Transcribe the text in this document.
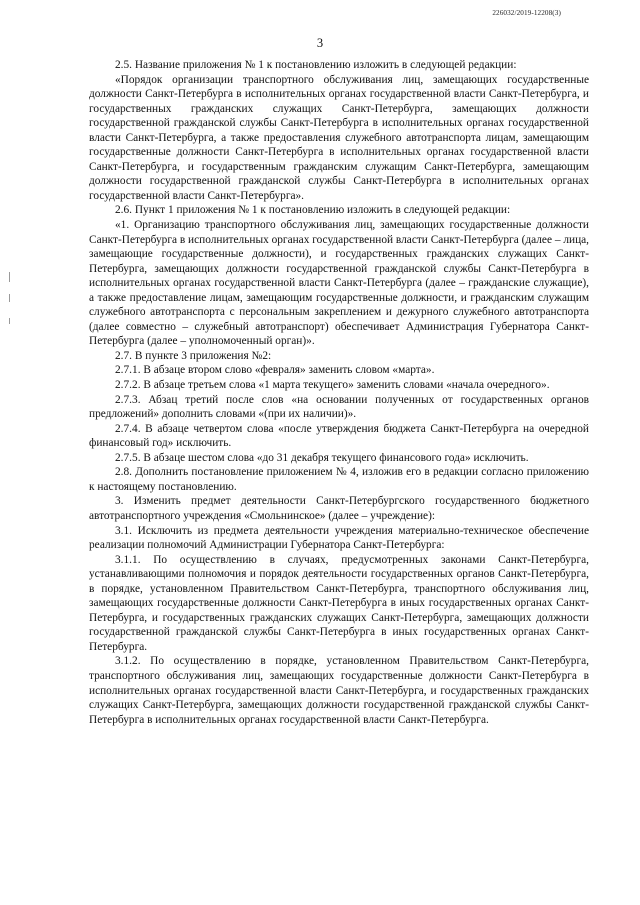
226032/2019-12208(3)
3

2.5. Название приложения № 1 к постановлению изложить в следующей редакции:

«Порядок организации транспортного обслуживания лиц, замещающих государственные должности Санкт-Петербурга в исполнительных органах государственной власти Санкт-Петербурга, и государственных гражданских служащих Санкт-Петербурга, замещающих должности государственной гражданской службы Санкт-Петербурга в исполнительных органах государственной власти Санкт-Петербурга, а также предоставления служебного автотранспорта лицам, замещающим государственные должности Санкт-Петербурга в исполнительных органах государственной власти Санкт-Петербурга, и государственным гражданским служащим Санкт-Петербурга, замещающим должности государственной гражданской службы Санкт-Петербурга в исполнительных органах государственной власти Санкт-Петербурга».

2.6. Пункт 1 приложения № 1 к постановлению изложить в следующей редакции:

«1. Организацию транспортного обслуживания лиц, замещающих государственные должности Санкт-Петербурга в исполнительных органах государственной власти Санкт-Петербурга (далее – лица, замещающие государственные должности), и государственных гражданских служащих Санкт-Петербурга, замещающих должности государственной гражданской службы Санкт-Петербурга в исполнительных органах государственной власти Санкт-Петербурга (далее – гражданские служащие), а также предоставление лицам, замещающим государственные должности, и гражданским служащим служебного автотранспорта с персональным закреплением и дежурного служебного автотранспорта (далее совместно – служебный автотранспорт) обеспечивает Администрация Губернатора Санкт-Петербурга (далее – уполномоченный орган)».

2.7. В пункте 3 приложения №2:

2.7.1. В абзаце втором слово «февраля» заменить словом «марта».

2.7.2. В абзаце третьем слова «1 марта текущего» заменить словами «начала очередного».

2.7.3. Абзац третий после слов «на основании полученных от государственных органов предложений» дополнить словами «(при их наличии)».

2.7.4. В абзаце четвертом слова «после утверждения бюджета Санкт-Петербурга на очередной финансовый год» исключить.

2.7.5. В абзаце шестом слова «до 31 декабря текущего финансового года» исключить.

2.8. Дополнить постановление приложением № 4, изложив его в редакции согласно приложению к настоящему постановлению.

3. Изменить предмет деятельности Санкт-Петербургского государственного бюджетного автотранспортного учреждения «Смольнинское» (далее – учреждение):

3.1. Исключить из предмета деятельности учреждения материально-техническое обеспечение реализации полномочий Администрации Губернатора Санкт-Петербурга:

3.1.1. По осуществлению в случаях, предусмотренных законами Санкт-Петербурга, устанавливающими полномочия и порядок деятельности государственных органов Санкт-Петербурга, в порядке, установленном Правительством Санкт-Петербурга, транспортного обслуживания лиц, замещающих государственные должности Санкт-Петербурга в иных государственных органах Санкт-Петербурга, и государственных гражданских служащих Санкт-Петербурга, замещающих должности государственной гражданской службы Санкт-Петербурга в иных государственных органах Санкт-Петербурга.

3.1.2. По осуществлению в порядке, установленном Правительством Санкт-Петербурга, транспортного обслуживания лиц, замещающих государственные должности Санкт-Петербурга в исполнительных органах государственной власти Санкт-Петербурга, и государственных гражданских служащих Санкт-Петербурга, замещающих должности государственной гражданской службы Санкт-Петербурга в исполнительных органах государственной власти Санкт-Петербурга.
